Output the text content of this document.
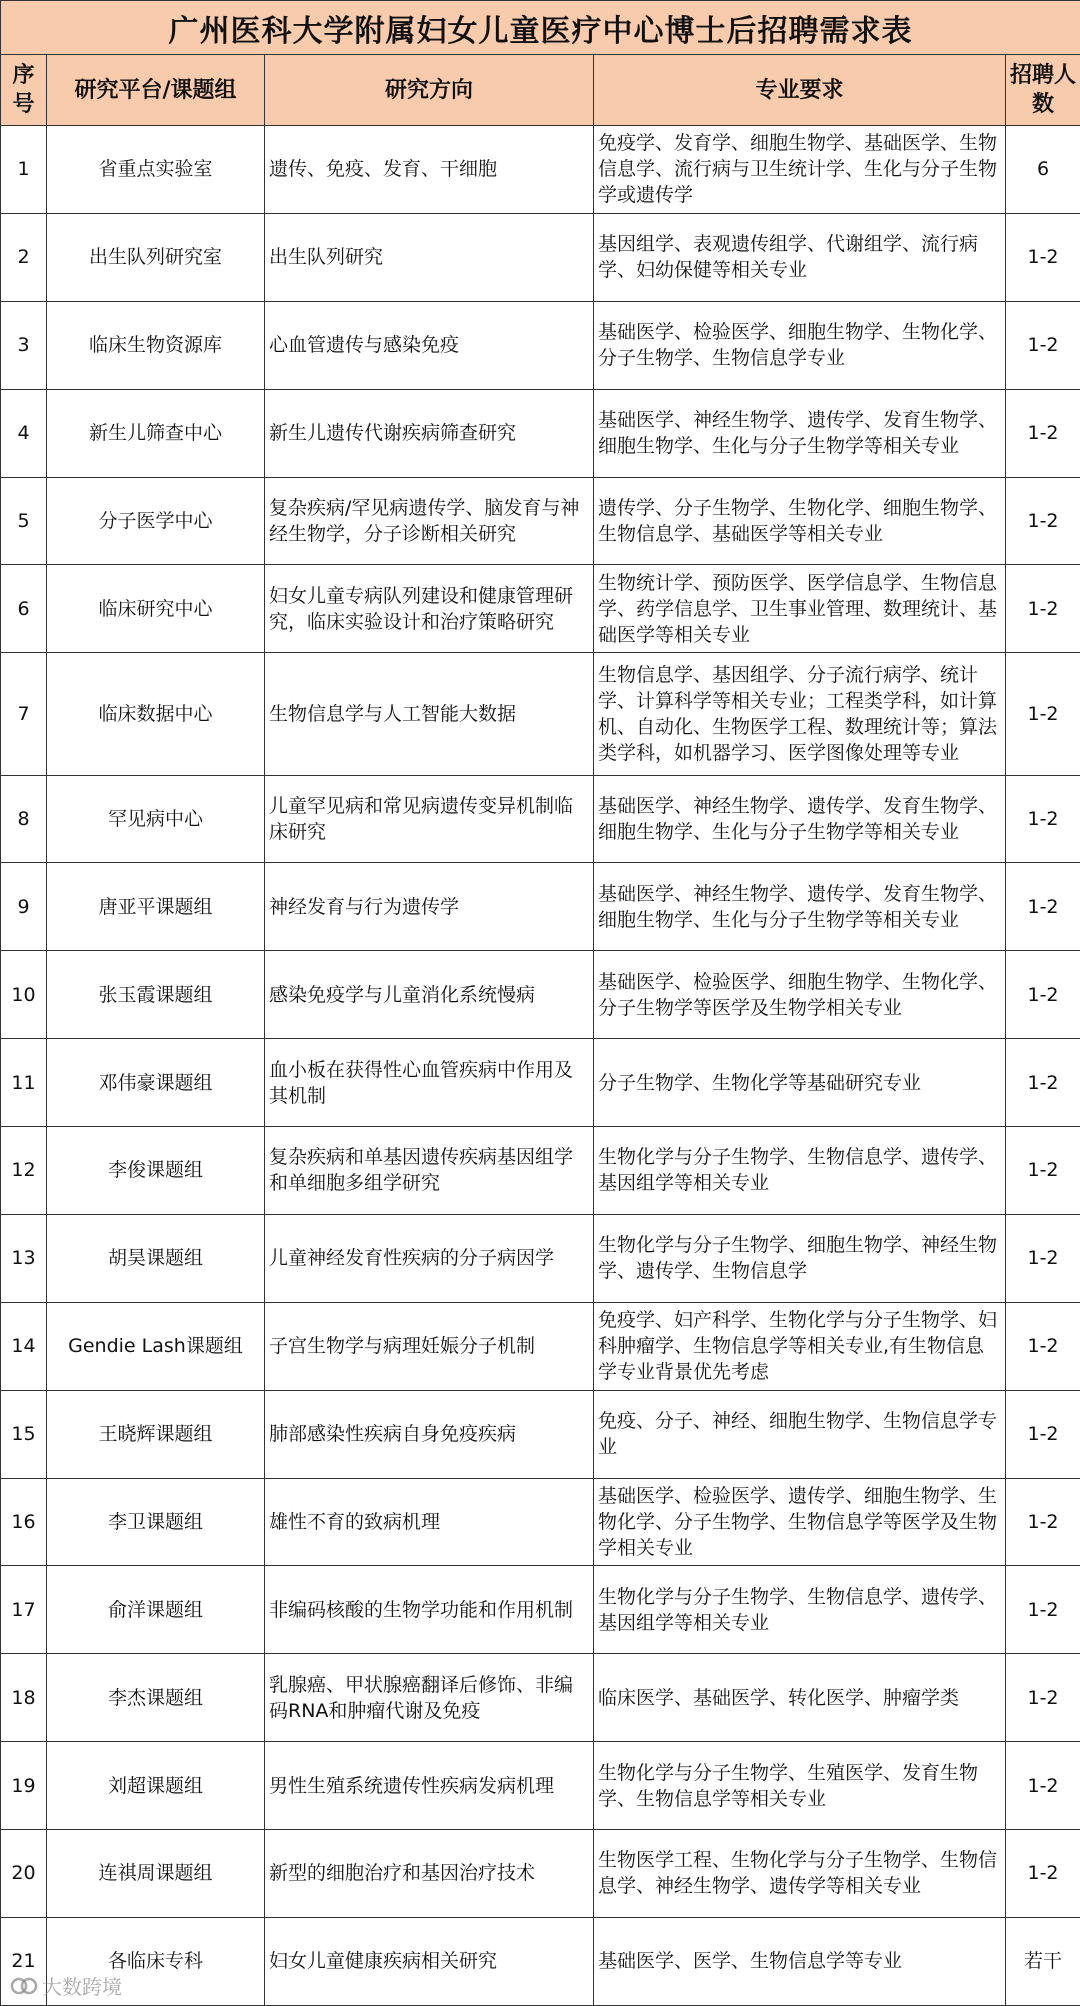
广州医科大学附属妇女儿童医疗中心博士后招聘需求表				
序号	研究平台/课题组	研究方向	专业要求	招聘人数
1	省重点实验室	遗传、免疫、发育、干细胞	免疫学、发育学、细胞生物学、基础医学、生物信息学、流行病与卫生统计学、生化与分子生物学或遗传学	6
2	出生队列研究室	出生队列研究	基因组学、表观遗传组学、代谢组学、流行病学、妇幼保健等相关专业	1-2
3	临床生物资源库	心血管遗传与感染免疫	基础医学、检验医学、细胞生物学、生物化学、分子生物学、生物信息学专业	1-2
4	新生儿筛查中心	新生儿遗传代谢疾病筛查研究	基础医学、神经生物学、遗传学、发育生物学、细胞生物学、生化与分子生物学等相关专业	1-2
5	分子医学中心	复杂疾病/罕见病遗传学、脑发育与神经生物学，分子诊断相关研究	遗传学、分子生物学、生物化学、细胞生物学、生物信息学、基础医学等相关专业	1-2
6	临床研究中心	妇女儿童专病队列建设和健康管理研究，临床实验设计和治疗策略研究	生物统计学、预防医学、医学信息学、生物信息学、药学信息学、卫生事业管理、数理统计、基础医学等相关专业	1-2
7	临床数据中心	生物信息学与人工智能大数据	生物信息学、基因组学、分子流行病学、统计学、计算科学等相关专业；工程类学科，如计算机、自动化、生物医学工程、数理统计等；算法类学科，如机器学习、医学图像处理等专业	1-2
8	罕见病中心	儿童罕见病和常见病遗传变异机制临床研究	基础医学、神经生物学、遗传学、发育生物学、细胞生物学、生化与分子生物学等相关专业	1-2
9	唐亚平课题组	神经发育与行为遗传学	基础医学、神经生物学、遗传学、发育生物学、细胞生物学、生化与分子生物学等相关专业	1-2
10	张玉霞课题组	感染免疫学与儿童消化系统慢病	基础医学、检验医学、细胞生物学、生物化学、分子生物学等医学及生物学相关专业	1-2
11	邓伟豪课题组	血小板在获得性心血管疾病中作用及其机制	分子生物学、生物化学等基础研究专业	1-2
12	李俊课题组	复杂疾病和单基因遗传疾病基因组学和单细胞多组学研究	生物化学与分子生物学、生物信息学、遗传学、基因组学等相关专业	1-2
13	胡昊课题组	儿童神经发育性疾病的分子病因学	生物化学与分子生物学、细胞生物学、神经生物学、遗传学、生物信息学	1-2
14	Gendie Lash课题组	子宫生物学与病理妊娠分子机制	免疫学、妇产科学、生物化学与分子生物学、妇科肿瘤学、生物信息学等相关专业,有生物信息学专业背景优先考虑	1-2
15	王晓辉课题组	肺部感染性疾病自身免疫疾病	免疫、分子、神经、细胞生物学、生物信息学专业	1-2
16	李卫课题组	雄性不育的致病机理	基础医学、检验医学、遗传学、细胞生物学、生物化学、分子生物学、生物信息学等医学及生物学相关专业	1-2
17	俞洋课题组	非编码核酸的生物学功能和作用机制	生物化学与分子生物学、生物信息学、遗传学、基因组学等相关专业	1-2
18	李杰课题组	乳腺癌、甲状腺癌翻译后修饰、非编码RNA和肿瘤代谢及免疫	临床医学、基础医学、转化医学、肿瘤学类	1-2
19	刘超课题组	男性生殖系统遗传性疾病发病机理	生物化学与分子生物学、生殖医学、发育生物学、生物信息学等相关专业	1-2
20	连祺周课题组	新型的细胞治疗和基因治疗技术	生物医学工程、生物化学与分子生物学、生物信息学、神经生物学、遗传学等相关专业	1-2
21	各临床专科	妇女儿童健康疾病相关研究	基础医学、医学、生物信息学等专业	若干
大数跨境
